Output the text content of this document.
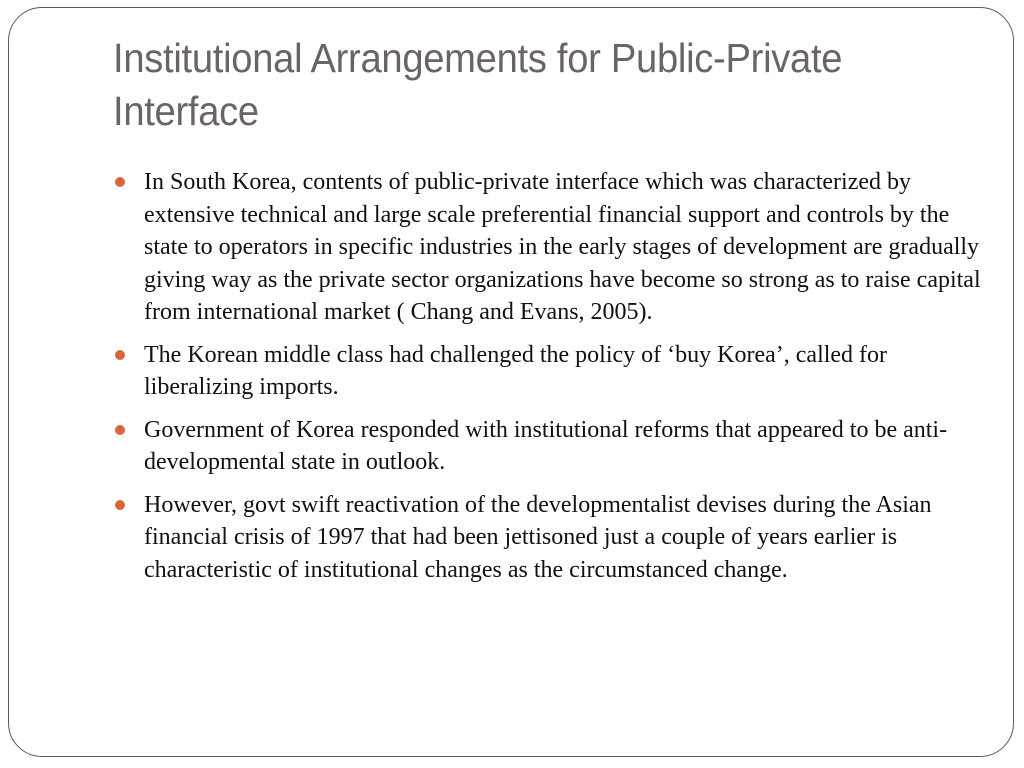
Institutional Arrangements for Public-Private Interface
In South Korea, contents of public-private interface which was characterized by extensive technical and large scale preferential financial support and controls by the state to operators in specific industries in the early stages of development are gradually giving way as the private sector organizations have become so strong as to raise capital from international market ( Chang and Evans, 2005).
The Korean middle class had challenged the policy of ‘buy Korea’, called for liberalizing imports.
Government of Korea responded with institutional reforms that appeared to be anti-developmental state in outlook.
However, govt swift reactivation of the developmentalist devises during the Asian financial crisis of 1997 that had been jettisoned just a couple of years earlier is characteristic of institutional changes as the circumstanced change.
